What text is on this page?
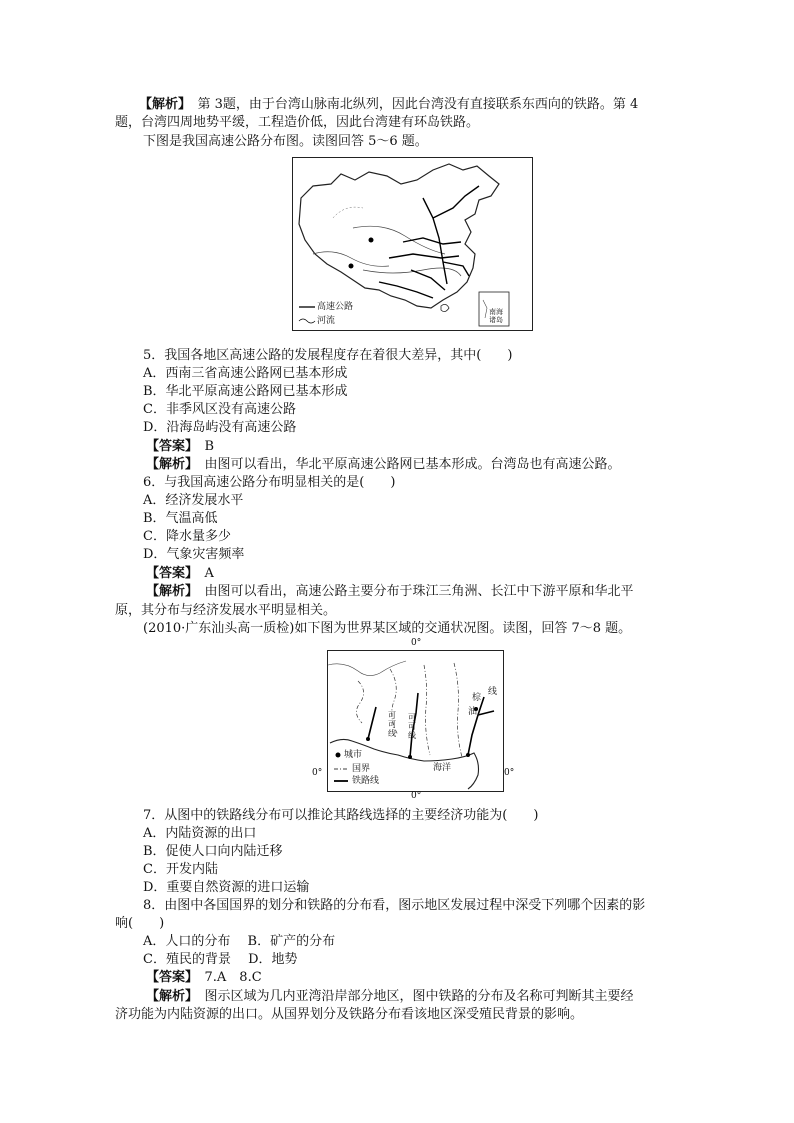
【解析】　第 3题，由于台湾山脉南北纵列，因此台湾没有直接联系东西向的铁路。第 4
题，台湾四周地势平缓，工程造价低，因此台湾建有环岛铁路。
下图是我国高速公路分布图。读图回答 5～6 题。
高速公路
河流
南海诸岛
5．我国各地区高速公路的发展程度存在着很大差异，其中(　　)
A．西南三省高速公路网已基本形成
B．华北平原高速公路网已基本形成
C．非季风区没有高速公路
D．沿海岛屿没有高速公路
【答案】　B
【解析】　由图可以看出，华北平原高速公路网已基本形成。台湾岛也有高速公路。
6．与我国高速公路分布明显相关的是(　　)
A．经济发展水平
B．气温高低
C．降水量多少
D．气象灾害频率
【答案】　A
【解析】　由图可以看出，高速公路主要分布于珠江三角洲、长江中下游平原和华北平
原，其分布与经济发展水平明显相关。
(2010·广东汕头高一质检)如下图为世界某区域的交通状况图。读图，回答 7～8 题。
0°
城市
国界
铁路线
海洋
可可线
棕
线
油
可可线
0°	0°
0°
7．从图中的铁路线分布可以推论其路线选择的主要经济功能为(　　)
A．内陆资源的出口
B．促使人口向内陆迁移
C．开发内陆
D．重要自然资源的进口运输
8．由图中各国国界的划分和铁路的分布看，图示地区发展过程中深受下列哪个因素的影
响(　　)
A．人口的分布　 B．矿产的分布
C．殖民的背景　 D．地势
【答案】　7.A　8.C
【解析】　图示区域为几内亚湾沿岸部分地区，图中铁路的分布及名称可判断其主要经
济功能为内陆资源的出口。从国界划分及铁路分布看该地区深受殖民背景的影响。
